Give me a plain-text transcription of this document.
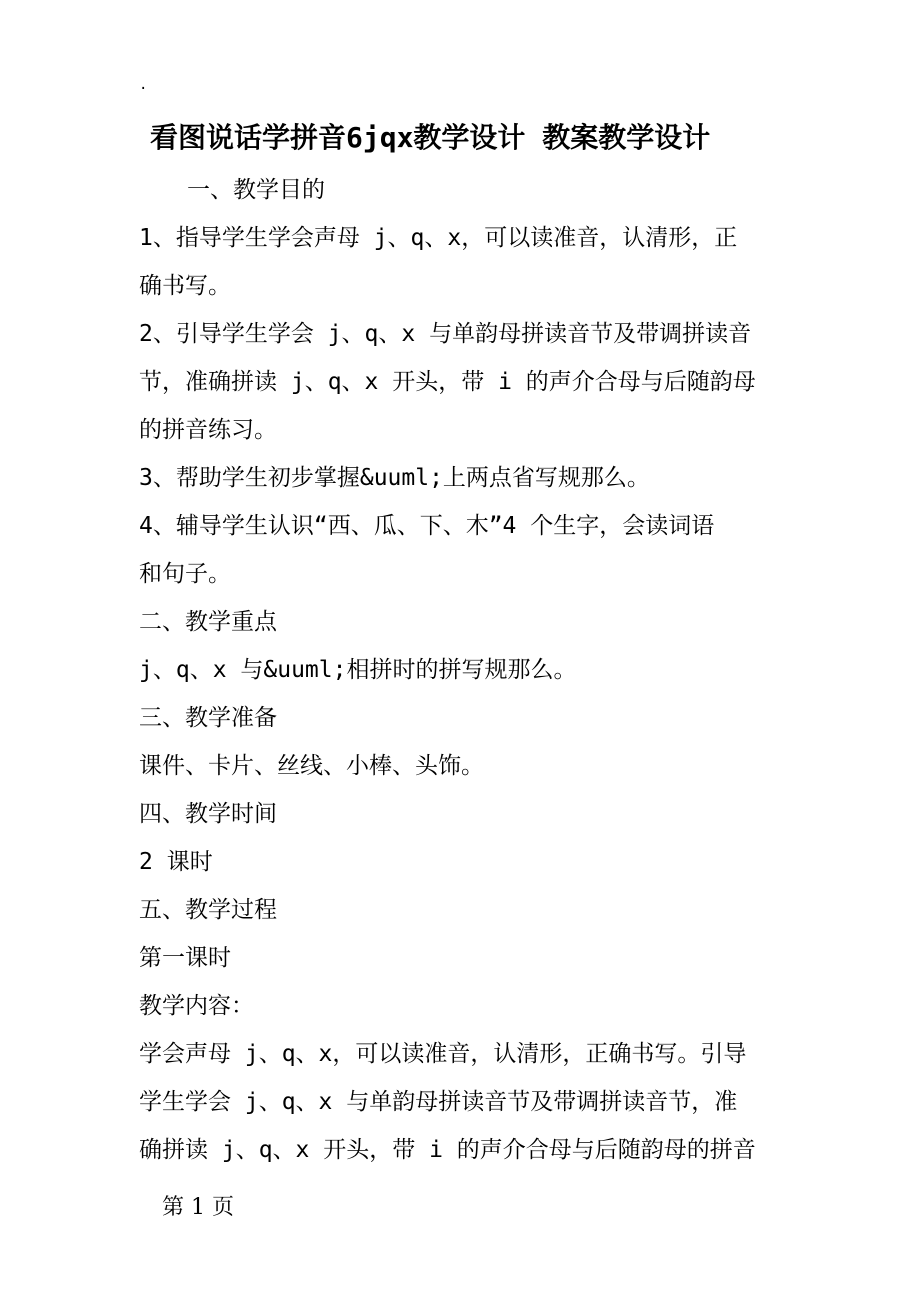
.
看图说话学拼音6jqx教学设计 教案教学设计
一、教学目的
1、指导学生学会声母 j、q、x，可以读准音，认清形，正
确书写。
2、引导学生学会 j、q、x 与单韵母拼读音节及带调拼读音
节，准确拼读 j、q、x 开头，带 i 的声介合母与后随韵母
的拼音练习。
3、帮助学生初步掌握&uuml;上两点省写规那么。
4、辅导学生认识“西、瓜、下、木”4 个生字，会读词语
和句子。
二、教学重点
j、q、x 与&uuml;相拼时的拼写规那么。
三、教学准备
课件、卡片、丝线、小棒、头饰。
四、教学时间
2 课时
五、教学过程
第一课时
教学内容：
学会声母 j、q、x，可以读准音，认清形，正确书写。引导
学生学会 j、q、x 与单韵母拼读音节及带调拼读音节，准
确拼读 j、q、x 开头，带 i 的声介合母与后随韵母的拼音
第 1 页
